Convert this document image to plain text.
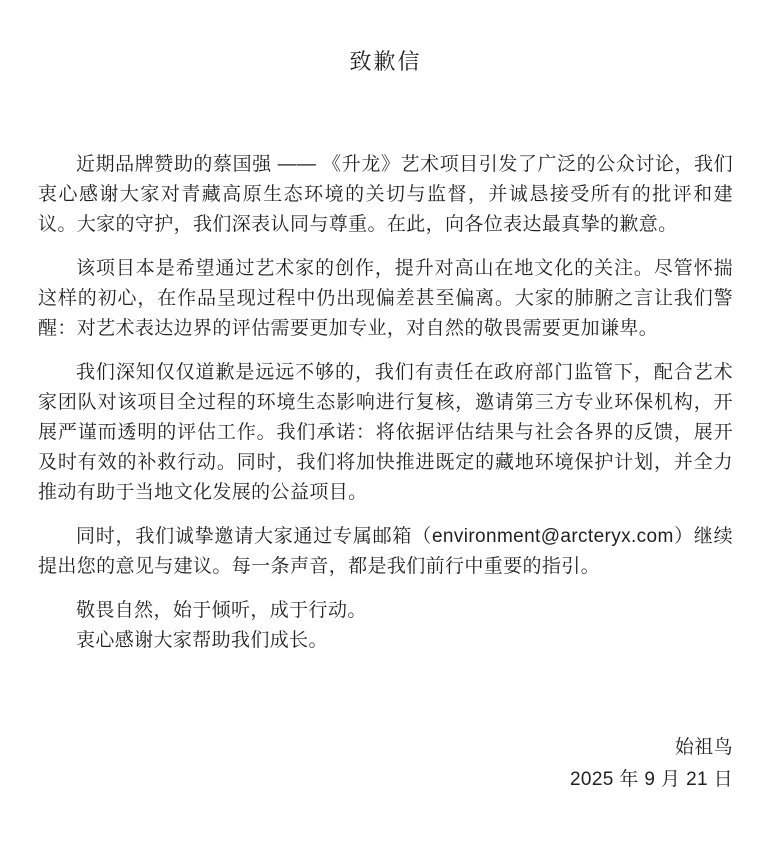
致歉信

近期品牌赞助的蔡国强 —— 《升龙》艺术项目引发了广泛的公众讨论，我们衷心感谢大家对青藏高原生态环境的关切与监督，并诚恳接受所有的批评和建议。大家的守护，我们深表认同与尊重。在此，向各位表达最真挚的歉意。

该项目本是希望通过艺术家的创作，提升对高山在地文化的关注。尽管怀揣这样的初心，在作品呈现过程中仍出现偏差甚至偏离。大家的肺腑之言让我们警醒：对艺术表达边界的评估需要更加专业，对自然的敬畏需要更加谦卑。

我们深知仅仅道歉是远远不够的，我们有责任在政府部门监管下，配合艺术家团队对该项目全过程的环境生态影响进行复核，邀请第三方专业环保机构，开展严谨而透明的评估工作。我们承诺：将依据评估结果与社会各界的反馈，展开及时有效的补救行动。同时，我们将加快推进既定的藏地环境保护计划，并全力推动有助于当地文化发展的公益项目。

同时，我们诚挚邀请大家通过专属邮箱（environment@arcteryx.com）继续提出您的意见与建议。每一条声音，都是我们前行中重要的指引。

敬畏自然，始于倾听，成于行动。

衷心感谢大家帮助我们成长。

始祖鸟
2025 年 9 月 21 日
